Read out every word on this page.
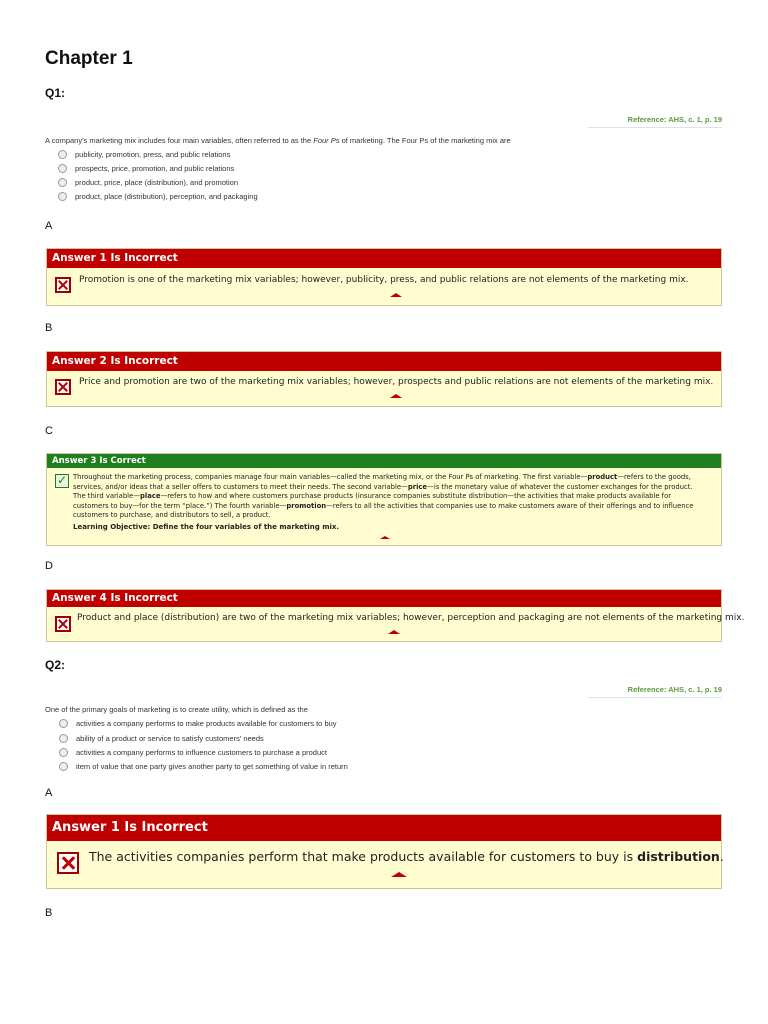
Chapter 1
Q1:
Reference: AHS, c. 1, p. 19
A company's marketing mix includes four main variables, often referred to as the Four Ps of marketing. The Four Ps of the marketing mix are
publicity, promotion, press, and public relations
prospects, price, promotion, and public relations
product, price, place (distribution), and promotion
product, place (distribution), perception, and packaging
A
Answer 1 Is Incorrect
Promotion is one of the marketing mix variables; however, publicity, press, and public relations are not elements of the marketing mix.
B
Answer 2 Is Incorrect
Price and promotion are two of the marketing mix variables; however, prospects and public relations are not elements of the marketing mix.
C
Answer 3 Is Correct
✓ Throughout the marketing process, companies manage four main variables—called the marketing mix, or the Four Ps of marketing. The first variable—product—refers to the goods, services, and/or ideas that a seller offers to customers to meet their needs. The second variable—price—is the monetary value of whatever the customer exchanges for the product. The third variable—place—refers to how and where customers purchase products (insurance companies substitute distribution—the activities that make products available for customers to buy—for the term “place.”) The fourth variable—promotion—refers to all the activities that companies use to make customers aware of their offerings and to influence customers to purchase, and distributors to sell, a product.
Learning Objective: Define the four variables of the marketing mix.
D
Answer 4 Is Incorrect
Product and place (distribution) are two of the marketing mix variables; however, perception and packaging are not elements of the marketing mix.
Q2:
Reference: AHS, c. 1, p. 19
One of the primary goals of marketing is to create utility, which is defined as the
activities a company performs to make products available for customers to buy
ability of a product or service to satisfy customers' needs
activities a company performs to influence customers to purchase a product
item of value that one party gives another party to get something of value in return
A
Answer 1 Is Incorrect
The activities companies perform that make products available for customers to buy is distribution.
B
